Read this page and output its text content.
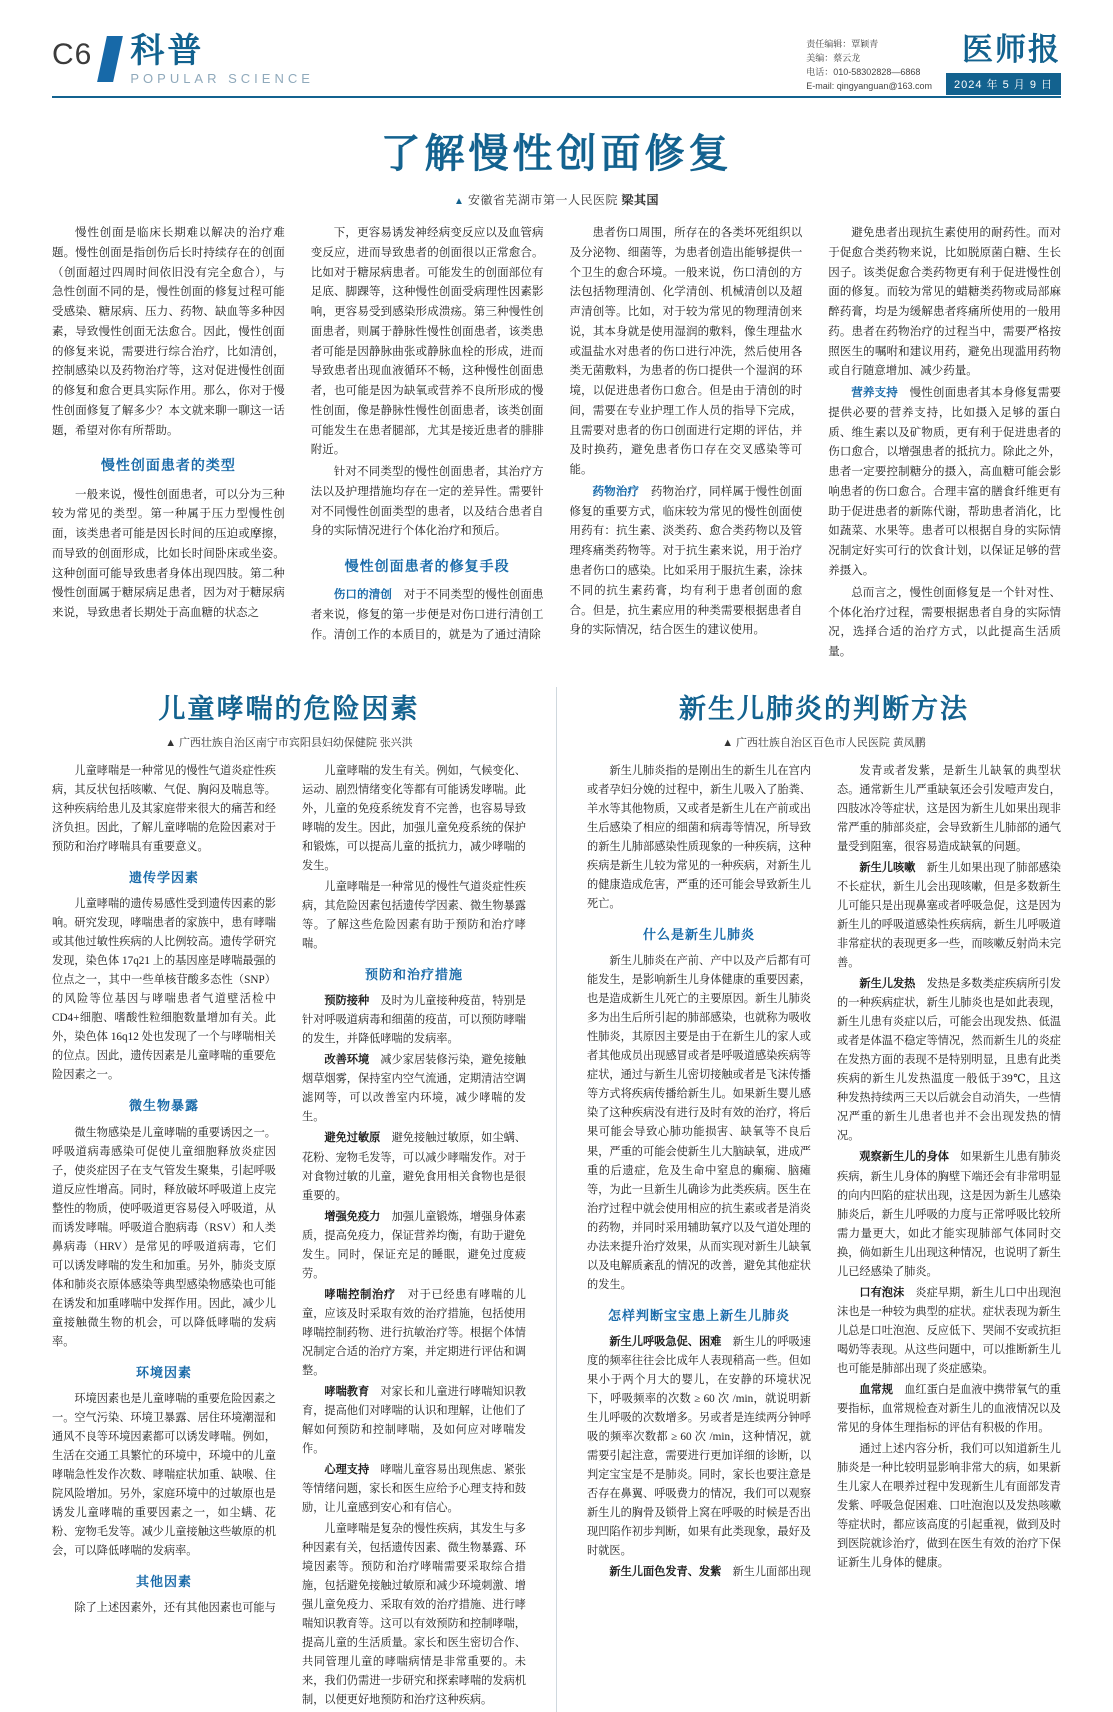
C6 科普
POPULAR SCIENCE
责任编辑：覃颖青
美编：蔡云龙
电话：010-58302828—6868
E-mail: qingyanguan@163.com
医师报
2024 年 5 月 9 日
了解慢性创面修复
▲ 安徽省芜湖市第一人民医院 梁其国

慢性创面是临床长期难以解决的治疗难题。慢性创面是指创伤后长时持续存在的创面（创面超过四周时间依旧没有完全愈合），与急性创面不同的是，慢性创面的修复过程可能受感染、糖尿病、压力、药物、缺血等多种因素，导致慢性创面无法愈合。因此，慢性创面的修复来说，需要进行综合治疗，比如清创，控制感染以及药物治疗等，这对促进慢性创面的修复和愈合更具实际作用。那么，你对于慢性创面修复了解多少？本文就来聊一聊这一话题，希望对你有所帮助。

慢性创面患者的类型

一般来说，慢性创面患者，可以分为三种较为常见的类型。第一种属于压力型慢性创面，该类患者可能是因长时间的压迫或摩擦，而导致的创面形成，比如长时间卧床或坐姿。这种创面可能导致患者身体出现四肢。第二种慢性创面属于糖尿病足患者，因为对于糖尿病来说，导致患者长期处于高血糖的状态之

下，更容易诱发神经病变反应以及血管病变反应，进而导致患者的创面很以正常愈合。比如对于糖尿病患者。可能发生的创面部位有足底、脚踝等，这种慢性创面受病理性因素影响，更容易受到感染形成溃疡。第三种慢性创面患者，则属于静脉性慢性创面患者，该类患者可能是因静脉曲张或静脉血栓的形成，进而导致患者出现血液循环不畅，这种慢性创面患者，也可能是因为缺氧或营养不良所形成的慢性创面，像是静脉性慢性创面患者，该类创面可能发生在患者腿部，尤其是接近患者的腓腓附近。

针对不同类型的慢性创面患者，其治疗方法以及护理措施均存在一定的差异性。需要针对不同慢性创面类型的患者，以及结合患者自身的实际情况进行个体化治疗和预后。

慢性创面患者的修复手段

伤口的清创　 对于不同类型的慢性创面患者来说，修复的第一步便是对伤口进行清创工作。清创工作的本质目的，就是为了通过清除

患者伤口周围，所存在的各类坏死组织以及分泌物、细菌等，为患者创造出能够提供一个卫生的愈合环境。一般来说，伤口清创的方法包括物理清创、化学清创、机械清创以及超声清创等。比如，对于较为常见的物理清创来说，其本身就是使用湿润的敷料，像生理盐水或温盐水对患者的伤口进行冲洗，然后使用各类无菌敷料，为患者的伤口提供一个湿润的环境，以促进患者伤口愈合。但是由于清创的时间，需要在专业护理工作人员的指导下完成，且需要对患者的伤口创面进行定期的评估，并及时换药，避免患者伤口存在交叉感染等可能。

药物治疗　 药物治疗，同样属于慢性创面修复的重要方式，临床较为常见的慢性创面使用药有：抗生素、淡类药、愈合类药物以及管理疼痛类药物等。对于抗生素来说，用于治疗患者伤口的感染。比如采用于服抗生素，涂抹不同的抗生素药膏，均有利于患者创面的愈合。但是，抗生素应用的种类需要根据患者自身的实际情况，结合医生的建议使用。

避免患者出现抗生素使用的耐药性。而对于促愈合类药物来说，比如脱原菌白糖、生长因子。该类促愈合类药物更有利于促进慢性创面的修复。而较为常见的蜡糖类药物或局部麻醉药膏，均是为缓解患者疼痛所使用的一般用药。患者在药物治疗的过程当中，需要严格按照医生的嘱咐和建议用药，避免出现滥用药物或自行随意增加、减少药量。

营养支持　 慢性创面患者其本身修复需要提供必要的营养支持，比如摄入足够的蛋白质、维生素以及矿物质，更有利于促进患者的伤口愈合，以增强患者的抵抗力。除此之外，患者一定要控制糖分的摄入，高血糖可能会影响患者的伤口愈合。合理丰富的膳食纤维更有助于促进患者的新陈代谢，帮助患者消化，比如蔬菜、水果等。患者可以根据自身的实际情况制定好实可行的饮食计划，以保证足够的营养摄入。

总而言之，慢性创面修复是一个针对性、个体化治疗过程，需要根据患者自身的实际情况，选择合适的治疗方式，以此提高生活质量。

儿童哮喘的危险因素
▲ 广西壮族自治区南宁市宾阳县妇幼保健院 张兴洪

儿童哮喘是一种常见的慢性气道炎症性疾病，其反状包括咳嗽、气促、胸闷及喘息等。这种疾病给患儿及其家庭带来很大的痛苦和经济负担。因此，了解儿童哮喘的危险因素对于预防和治疗哮喘具有重要意义。

遗传学因素

儿童哮喘的遗传易感性受到遗传因素的影响。研究发现，哮喘患者的家族中，患有哮喘或其他过敏性疾病的人比例较高。遗传学研究发现，染色体 17q21 上的基因座是哮喘最强的位点之一，其中一些单核苷酸多态性（SNP）的风险等位基因与哮喘患者气道壁活检中CD4+细胞、嗜酸性粒细胞数量增加有关。此外，染色体 16q12 处也发现了一个与哮喘相关的位点。因此，遗传因素是儿童哮喘的重要危险因素之一。

微生物暴露

微生物感染是儿童哮喘的重要诱因之一。呼吸道病毒感染可促使儿童细胞释放炎症因子，使炎症因子在支气管发生聚集，引起呼吸道反应性增高。同时，释放破坏呼吸道上皮完整性的物质，使呼吸道更容易侵入呼吸道，从而诱发哮喘。呼吸道合胞病毒（RSV）和人类鼻病毒（HRV）是常见的呼吸道病毒，它们可以诱发哮喘的发生和加重。另外，肺炎支原体和肺炎衣原体感染等典型感染物感染也可能在诱发和加重哮喘中发挥作用。因此，减少儿童接触微生物的机会，可以降低哮喘的发病率。

环境因素

环境因素也是儿童哮喘的重要危险因素之一。空气污染、环境卫暴露、居住环境潮湿和通风不良等环境因素都可以诱发哮喘。例如，生活在交通工具繁忙的环境中，环境中的儿童哮喘急性发作次数、哮喘症状加重、缺喉、住院风险增加。另外，家庭环境中的过敏原也是诱发儿童哮喘的重要因素之一，如尘螨、花粉、宠物毛发等。减少儿童接触这些敏原的机会，可以降低哮喘的发病率。

其他因素

除了上述因素外，还有其他因素也可能与

儿童哮喘的发生有关。例如，气候变化、运动、剧烈情绪变化等都有可能诱发哮喘。此外，儿童的免疫系统发育不完善，也容易导致哮喘的发生。因此，加强儿童免疫系统的保护和锻炼，可以提高儿童的抵抗力，减少哮喘的发生。

儿童哮喘是一种常见的慢性气道炎症性疾病，其危险因素包括遗传学因素、微生物暴露等。了解这些危险因素有助于预防和治疗哮喘。

预防和治疗措施

预防接种　 及时为儿童接种疫苗，特别是针对呼吸道病毒和细菌的疫苗，可以预防哮喘的发生，并降低哮喘的发病率。

改善环境　 减少家居装修污染，避免接触烟草烟雾，保持室内空气流通，定期清洁空调滤网等，可以改善室内环境，减少哮喘的发生。

避免过敏原　 避免接触过敏原，如尘螨、花粉、宠物毛发等，可以减少哮喘发作。对于对食物过敏的儿童，避免食用相关食物也是很重要的。

增强免疫力　 加强儿童锻炼，增强身体素质，提高免疫力，保证营养均衡，有助于避免发生。同时，保证充足的睡眠，避免过度疲劳。

哮喘控制治疗　 对于已经患有哮喘的儿童，应该及时采取有效的治疗措施，包括使用哮喘控制药物、进行抗敏治疗等。根据个体情况制定合适的治疗方案，并定期进行评估和调整。

哮喘教育　 对家长和儿童进行哮喘知识教育，提高他们对哮喘的认识和理解，让他们了解如何预防和控制哮喘，及如何应对哮喘发作。

心理支持　 哮喘儿童容易出现焦虑、紧张等情绪问题，家长和医生应给予心理支持和鼓励，让儿童感到安心和有信心。

儿童哮喘是复杂的慢性疾病，其发生与多种因素有关，包括遗传因素、微生物暴露、环境因素等。预防和治疗哮喘需要采取综合措施，包括避免接触过敏原和减少环境刺激、增强儿童免疫力、采取有效的治疗措施、进行哮喘知识教育等。这可以有效预防和控制哮喘，提高儿童的生活质量。家长和医生密切合作、共同管理儿童的哮喘病情是非常重要的。未来，我们仍需进一步研究和探索哮喘的发病机制，以便更好地预防和治疗这种疾病。

新生儿肺炎的判断方法
▲ 广西壮族自治区百色市人民医院 黄凤鹏

新生儿肺炎指的是刚出生的新生儿在宫内或者孕妇分娩的过程中，新生儿吸入了胎粪、羊水等其他物质，又或者是新生儿在产前或出生后感染了相应的细菌和病毒等情况，所导致的新生儿肺部感染性质现象的一种疾病，这种疾病是新生儿较为常见的一种疾病，对新生儿的健康造成危害，严重的还可能会导致新生儿死亡。

什么是新生儿肺炎

新生儿肺炎在产前、产中以及产后都有可能发生，是影响新生儿身体健康的重要因素，也是造成新生儿死亡的主要原因。新生儿肺炎多为出生后所引起的肺部感染，也就称为吸收性肺炎，其原因主要是由于在新生儿的家人或者其他成员出现感冒或者是呼吸道感染疾病等症状，通过与新生儿密切接触或者是飞沫传播等方式将疾病传播给新生儿。如果新生婴儿感染了这种疾病没有进行及时有效的治疗，将后果可能会导致心肺功能损害、缺氧等不良后果，严重的可能会使新生儿大脑缺氧，进成严重的后遗症，危及生命中窒息的癫痫、脑瘫等，为此一旦新生儿确诊为此类疾病。医生在治疗过程中就会使用相应的抗生素或者是消炎的药物，并同时采用辅助氧疗以及气道处理的办法来提升治疗效果，从而实现对新生儿缺氧以及电解质紊乱的情况的改善，避免其他症状的发生。

怎样判断宝宝患上新生儿肺炎

新生儿呼吸急促、困难　 新生儿的呼吸速度的频率往往会比成年人表现稍高一些。但如果小于两个月大的婴儿，在安静的环境状况下，呼吸频率的次数 ≥ 60 次 /min，就说明新生儿呼吸的次数增多。另或者是连续两分钟呼吸的频率次数都 ≥ 60 次 /min，这种情况，就需要引起注意，需要进行更加详细的诊断，以判定宝宝是不是肺炎。同时，家长也要注意是否存在鼻翼、呼吸费力的情况，我们可以观察新生儿的胸骨及锁骨上窝在呼吸的时候是否出现凹陷作初步判断，如果有此类现象，最好及时就医。

新生儿面色发青、发紫　 新生儿面部出现

发青或者发紫，是新生儿缺氧的典型状态。通常新生儿严重缺氧还会引发噎声发白，四肢冰冷等症状，这是因为新生儿如果出现非常严重的肺部炎症，会导致新生儿肺部的通气量受到阻塞，很容易造成缺氧的问题。

新生儿咳嗽　 新生儿如果出现了肺部感染不长症状，新生儿会出现咳嗽，但是多数新生儿可能只是出现鼻塞或者呼吸急促，这是因为新生儿的呼吸道感染性疾病病，新生儿呼吸道非常症状的表现更多一些，而咳嗽反射尚未完善。

新生儿发热　 发热是多数类症疾病所引发的一种疾病症状，新生儿肺炎也是如此表现，新生儿患有炎症以后，可能会出现发热、低温或者是体温不稳定等情况，然而新生儿的炎症在发热方面的表现不是特别明显，且患有此类疾病的新生儿发热温度一般低于39℃，且这种发热持续两三天以后就会自动消失，一些情况严重的新生儿患者也并不会出现发热的情况。

观察新生儿的身体　 如果新生儿患有肺炎疾病，新生儿身体的胸壁下端还会有非常明显的向内凹陷的症状出现，这是因为新生儿感染肺炎后，新生儿呼吸的力度与正常呼吸比较所需力量更大，如此才能实现肺部气体同时交换，倘如新生儿出现这种情况，也说明了新生儿已经感染了肺炎。

口有泡沫　 炎症早期，新生儿口中出现泡沫也是一种较为典型的症状。症状表现为新生儿总是口吐泡泡、反应低下、哭闹不安或抗拒喝奶等表现。从这些问题中，可以推断新生儿也可能是肺部出现了炎症感染。

血常规　 血红蛋白是血液中携带氧气的重要指标，血常规检查对新生儿的血液情况以及常见的身体生理指标的评估有积极的作用。

通过上述内容分析，我们可以知道新生儿肺炎是一种比较明显影响非常大的病，如果新生儿家人在喂养过程中发现新生儿有面部发青发紫、呼吸急促困难、口吐泡泡以及发热咳嗽等症状时，都应该高度的引起重视，做到及时到医院就诊治疗，做到在医生有效的治疗下保证新生儿身体的健康。
